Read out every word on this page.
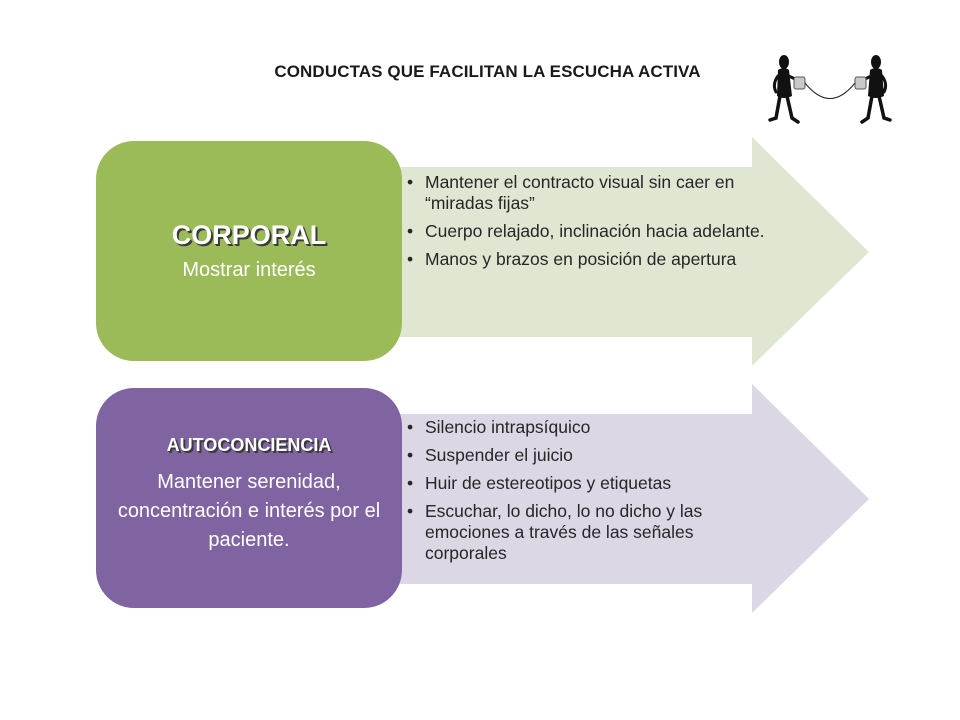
CONDUCTAS QUE FACILITAN LA ESCUCHA ACTIVA
CORPORAL
Mostrar interés
• Mantener el contracto visual sin caer en “miradas fijas”
• Cuerpo relajado, inclinación hacia adelante.
• Manos y brazos en posición de apertura
AUTOCONCIENCIA
Mantener serenidad, concentración e interés por el paciente.
• Silencio intrapsíquico
• Suspender el juicio
• Huir de estereotipos y etiquetas
• Escuchar, lo dicho, lo no dicho y las emociones a través de las señales corporales
